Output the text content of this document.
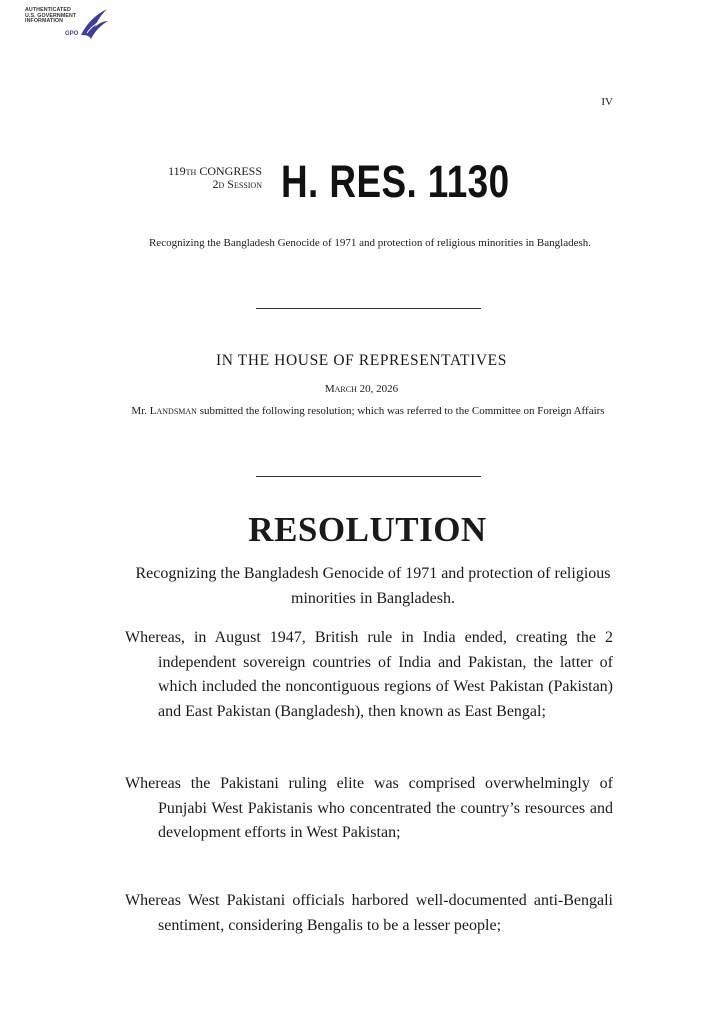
AUTHENTICATED
U.S. GOVERNMENT
INFORMATION
GPO
IV
119th CONGRESS
2d Session H. RES. 1130
Recognizing the Bangladesh Genocide of 1971 and protection of religious minorities in Bangladesh.
IN THE HOUSE OF REPRESENTATIVES
March 20, 2026
Mr. Landsman submitted the following resolution; which was referred to the Committee on Foreign Affairs
RESOLUTION
Recognizing the Bangladesh Genocide of 1971 and protection of religious minorities in Bangladesh.
Whereas, in August 1947, British rule in India ended, creating the 2 independent sovereign countries of India and Pakistan, the latter of which included the noncontiguous regions of West Pakistan (Pakistan) and East Pakistan (Bangladesh), then known as East Bengal;
Whereas the Pakistani ruling elite was comprised overwhelmingly of Punjabi West Pakistanis who concentrated the country’s resources and development efforts in West Pakistan;
Whereas West Pakistani officials harbored well-documented anti-Bengali sentiment, considering Bengalis to be a lesser people;
